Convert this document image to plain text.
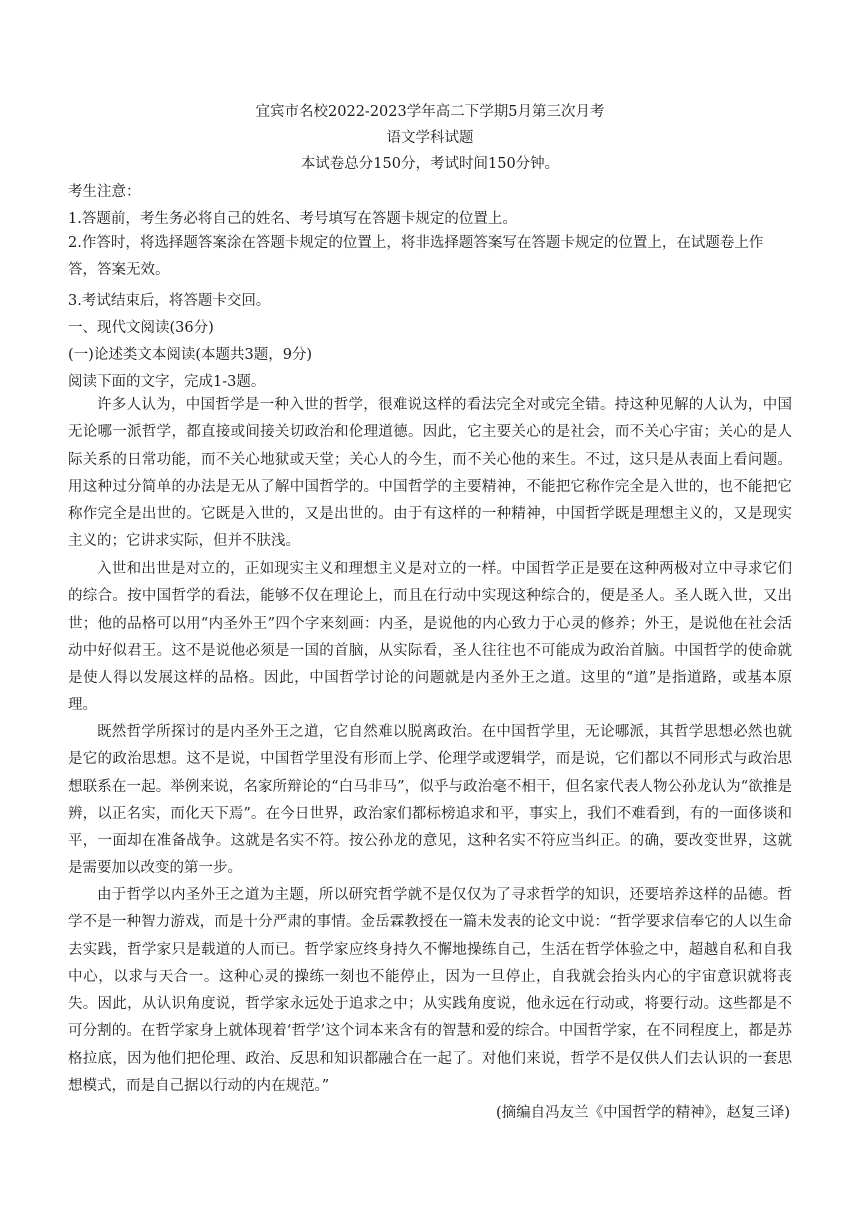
宜宾市名校2022-2023学年高二下学期5月第三次月考
语文学科试题
本试卷总分150分，考试时间150分钟。
考生注意：
1.答题前，考生务必将自己的姓名、考号填写在答题卡规定的位置上。
2.作答时，将选择题答案涂在答题卡规定的位置上，将非选择题答案写在答题卡规定的位置上，在试题卷上作答，答案无效。
3.考试结束后，将答题卡交回。
一、现代文阅读(36分)
(一)论述类文本阅读(本题共3题，9分)
阅读下面的文字，完成1-3题。
许多人认为，中国哲学是一种入世的哲学，很难说这样的看法完全对或完全错。持这种见解的人认为，中国无论哪一派哲学，都直接或间接关切政治和伦理道德。因此，它主要关心的是社会，而不关心宇宙；关心的是人际关系的日常功能，而不关心地狱或天堂；关心人的今生，而不关心他的来生。不过，这只是从表面上看问题。用这种过分简单的办法是无从了解中国哲学的。中国哲学的主要精神，不能把它称作完全是入世的，也不能把它称作完全是出世的。它既是入世的，又是出世的。由于有这样的一种精神，中国哲学既是理想主义的，又是现实主义的；它讲求实际，但并不肤浅。
入世和出世是对立的，正如现实主义和理想主义是对立的一样。中国哲学正是要在这种两极对立中寻求它们的综合。按中国哲学的看法，能够不仅在理论上，而且在行动中实现这种综合的，便是圣人。圣人既入世，又出世；他的品格可以用“内圣外王”四个字来刻画：内圣，是说他的内心致力于心灵的修养；外王，是说他在社会活动中好似君王。这不是说他必须是一国的首脑，从实际看，圣人往往也不可能成为政治首脑。中国哲学的使命就是使人得以发展这样的品格。因此，中国哲学讨论的问题就是内圣外王之道。这里的“道”是指道路，或基本原理。
既然哲学所探讨的是内圣外王之道，它自然难以脱离政治。在中国哲学里，无论哪派，其哲学思想必然也就是它的政治思想。这不是说，中国哲学里没有形而上学、伦理学或逻辑学，而是说，它们都以不同形式与政治思想联系在一起。举例来说，名家所辩论的“白马非马”，似乎与政治毫不相干，但名家代表人物公孙龙认为“欲推是辨，以正名实，而化天下焉”。在今日世界，政治家们都标榜追求和平，事实上，我们不难看到，有的一面侈谈和平，一面却在准备战争。这就是名实不符。按公孙龙的意见，这种名实不符应当纠正。的确，要改变世界，这就是需要加以改变的第一步。
由于哲学以内圣外王之道为主题，所以研究哲学就不是仅仅为了寻求哲学的知识，还要培养这样的品德。哲学不是一种智力游戏，而是十分严肃的事情。金岳霖教授在一篇未发表的论文中说：“哲学要求信奉它的人以生命去实践，哲学家只是载道的人而已。哲学家应终身持久不懈地操练自己，生活在哲学体验之中，超越自私和自我中心，以求与天合一。这种心灵的操练一刻也不能停止，因为一旦停止，自我就会抬头内心的宇宙意识就将丧失。因此，从认识角度说，哲学家永远处于追求之中；从实践角度说，他永远在行动或，将要行动。这些都是不可分割的。在哲学家身上就体现着‘哲学’这个词本来含有的智慧和爱的综合。中国哲学家，在不同程度上，都是苏格拉底，因为他们把伦理、政治、反思和知识都融合在一起了。对他们来说，哲学不是仅供人们去认识的一套思想模式，而是自己据以行动的内在规范。”
(摘编自冯友兰《中国哲学的精神》，赵复三译)
